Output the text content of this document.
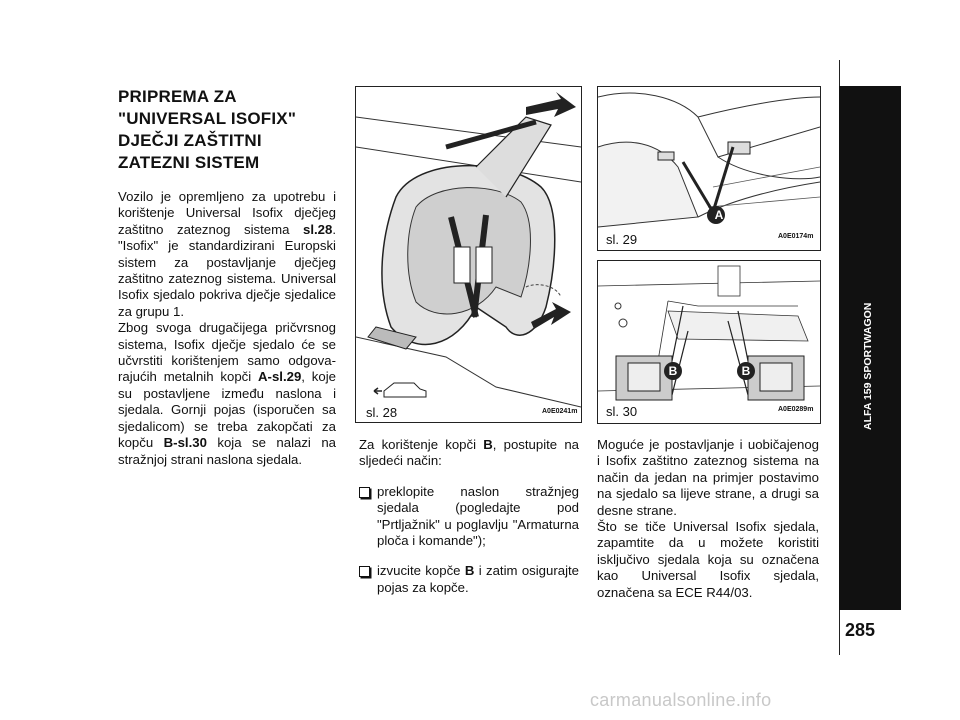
PRIPREMA ZA "UNIVERSAL ISOFIX" DJEČJI ZAŠTITNI ZATEZNI SISTEM

Vozilo je opremljeno za upotrebu i korištenje Universal Isofix dječjeg zaštitno zateznog sistema sl.28. "Isofix" je standardizirani Europski sistem za postavljanje dječjeg zaštitno zateznog sistema. Universal Isofix sjedalo pokriva dječje sjedalice za grupu 1.

Zbog svoga drugačijega pričvrsnog sistema, Isofix dječje sjedalo će se učvrstiti korištenjem samo odgova-rajućih metalnih kopči A-sl.29, koje su postavljene između naslona i sjedala. Gornji pojas (isporučen sa sjedalicom) se treba zakopčati za kopču B-sl.30 koja se nalazi na stražnjoj strani naslona sjedala.

sl. 28	A0E0241m
A
sl. 29	A0E0174m
B	B
sl. 30	A0E0289m

Za korištenje kopči B, postupite na sljedeći način:

preklopite naslon stražnjeg sjedala (pogledajte pod "Prtljažnik" u poglavlju "Armaturna ploča i komande");
izvucite kopče B i zatim osigurajte pojas za kopče.

Moguće je postavljanje i uobičajenog i Isofix zaštitno zateznog sistema na način da jedan na primjer postavimo na sjedalo sa lijeve strane, a drugi sa desne strane.

Što se tiče Universal Isofix sjedala, zapamtite da u možete koristiti isključivo sjedala koja su označena kao Universal Isofix sjedala, označena sa ECE R44/03.

ALFA 159 SPORTWAGON
285
carmanualsonline.info
